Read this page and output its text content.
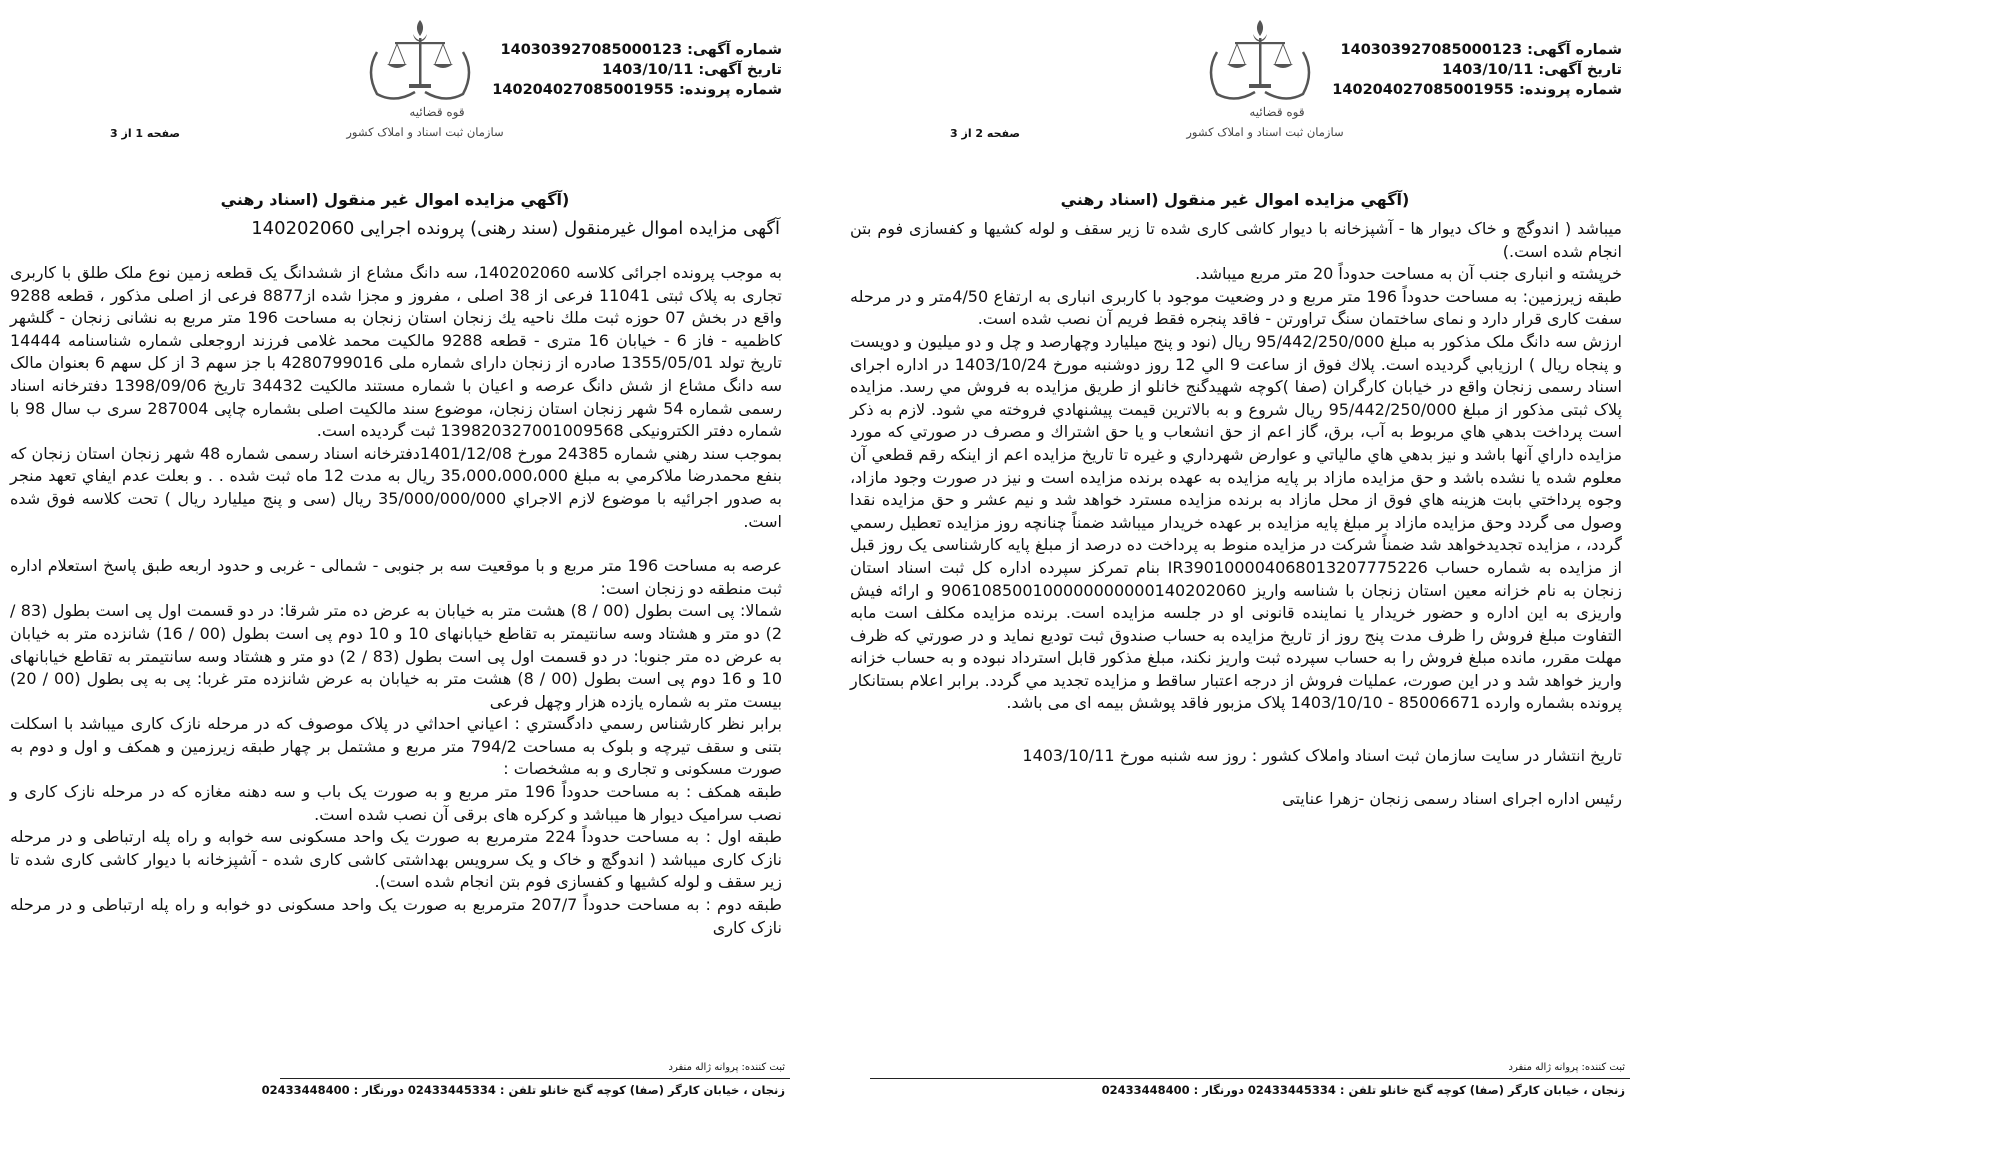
شماره آگهی: 140303927085000123
تاریخ آگهی: 1403/10/11
شماره پرونده: 140204027085001955
صفحه 1 از 3
قوه قضائیه
سازمان ثبت اسناد و املاک کشور
(آگهي مزايده اموال غير منقول (اسناد رهني
آگهی مزایده اموال غیرمنقول (سند رهنی) پرونده اجرایی 140202060

به موجب پرونده اجرائی کلاسه 140202060، سه دانگ مشاع از ششدانگ یک قطعه زمین نوع ملک طلق با کاربری تجاری به پلاک ثبتی 11041 فرعی از 38 اصلی ، مفروز و مجزا شده از8877 فرعی از اصلی مذکور ، قطعه 9288 واقع در بخش 07 حوزه ثبت ملك ناحيه يك زنجان استان زنجان به مساحت 196 متر مربع به نشانی زنجان - گلشهر کاظمیه - فاز 6 - خیابان 16 متری - قطعه 9288 مالکیت محمد غلامی فرزند اروجعلی شماره شناسنامه 14444 تاریخ تولد 1355/05/01 صادره از زنجان دارای شماره ملی 4280799016 با جز سهم 3 از کل سهم 6 بعنوان مالک سه دانگ مشاع از شش دانگ عرصه و اعیان با شماره مستند مالکیت 34432 تاریخ 1398/09/06 دفترخانه اسناد رسمی شماره 54 شهر زنجان استان زنجان، موضوع سند مالکیت اصلی بشماره چاپی 287004 سری ب سال 98 با شماره دفتر الکترونیکی 139820327001009568 ثبت گردیده است.

بموجب سند رهني شماره 24385 مورخ 1401/12/08دفترخانه اسناد رسمی شماره 48 شهر زنجان استان زنجان که بنفع محمدرضا ملاکرمي به مبلغ 35،000،000،000 ریال به مدت 12 ماه ثبت شده . . و بعلت عدم ايفاي تعهد منجر به صدور اجرائيه با موضوع لازم الاجراي 35/000/000/000 ریال (سی و پنج میلیارد ریال ) تحت كلاسه فوق شده است.

عرصه به مساحت 196 متر مربع و با موقعیت سه بر جنوبی - شمالی - غربی و حدود اربعه طبق پاسخ استعلام اداره ثبت منطقه دو زنجان است:

شمالا: پی است بطول (00 / 8) هشت متر به خیابان به عرض ده متر شرقا: در دو قسمت اول پی است بطول (83 / 2) دو متر و هشتاد وسه سانتیمتر به تقاطع خیابانهای 10 و 10 دوم پی است بطول (00 / 16) شانزده متر به خیابان به عرض ده متر جنوبا: در دو قسمت اول پی است بطول (83 / 2) دو متر و هشتاد وسه سانتیمتر به تقاطع خیابانهای 10 و 16 دوم پی است بطول (00 / 8) هشت متر به خیابان به عرض شانزده متر غربا: پی به پی بطول (00 / 20) بیست متر به شماره یازده هزار وچهل فرعی

برابر نظر كارشناس رسمي دادگستري : اعياني احداثي در پلاک موصوف که در مرحله نازک کاری میباشد با اسکلت بتنی و سقف تیرچه و بلوک به مساحت 794/2 متر مربع و مشتمل بر چهار طبقه زیرزمین و همکف و اول و دوم به صورت مسکونی و تجاری و به مشخصات :

طبقه همکف : به مساحت حدوداً 196 متر مربع و به صورت یک باب و سه دهنه مغازه که در مرحله نازک کاری و نصب سرامیک دیوار ها میباشد و کرکره های برقی آن نصب شده است.

طبقه اول : به مساحت حدوداً 224 مترمربع به صورت یک واحد مسکونی سه خوابه و راه پله ارتباطی و در مرحله نازک کاری میباشد ( اندوگچ و خاک و یک سرویس بهداشتی کاشی کاری شده - آشپزخانه با دیوار کاشی کاری شده تا زیر سقف و لوله کشیها و کفسازی فوم بتن انجام شده است).

طبقه دوم : به مساحت حدوداً 207/7 مترمربع به صورت یک واحد مسکونی دو خوابه و راه پله ارتباطی و در مرحله نازک کاری

ثبت كننده: پروانه ژاله منفرد
زنجان ، خیابان کارگر (صفا) کوچه گنج خانلو تلفن : 02433445334 دورنگار : 02433448400
شماره آگهی: 140303927085000123
تاریخ آگهی: 1403/10/11
شماره پرونده: 140204027085001955
صفحه 2 از 3
قوه قضائیه
سازمان ثبت اسناد و املاک کشور
(آگهي مزايده اموال غير منقول (اسناد رهني

میباشد ( اندوگچ و خاک دیوار ها - آشپزخانه با دیوار کاشی کاری شده تا زیر سقف و لوله کشیها و کفسازی فوم بتن انجام شده است.)

خرپشته و انباری جنب آن به مساحت حدوداً 20 متر مربع میباشد.

طبقه زیرزمین: به مساحت حدوداً 196 متر مربع و در وضعیت موجود با کاربری انباری به ارتفاع 4/50متر و در مرحله سفت کاری قرار دارد و نمای ساختمان سنگ تراورتن - فاقد پنجره فقط فریم آن نصب شده است.

ارزش سه دانگ ملک مذکور به مبلغ 95/442/250/000 ريال (نود و پنج ميليارد وچهارصد و چل و دو ميليون و دويست و پنجاه ريال ) ارزيابي گرديده است. پلاك فوق از ساعت 9 الي 12 روز دوشنبه مورخ 1403/10/24 در اداره اجرای اسناد رسمی زنجان واقع در خیابان کارگران (صفا )کوچه شهیدگنج خانلو از طریق مزایده به فروش مي رسد. مزایده پلاک ثبتی مذکور از مبلغ 95/442/250/000 ريال شروع و به بالاترين قيمت پيشنهادي فروخته مي شود. لازم به ذكر است پرداخت بدهي هاي مربوط به آب، برق، گاز اعم از حق انشعاب و يا حق اشتراك و مصرف در صورتي كه مورد مزايده داراي آنها باشد و نيز بدهي هاي مالياتي و عوارض شهرداري و غيره تا تاريخ مزايده اعم از اينكه رقم قطعي آن معلوم شده يا نشده باشد و حق مزايده مازاد بر پايه مزايده به عهده برنده مزايده است و نيز در صورت وجود مازاد، وجوه پرداختي بابت هزينه هاي فوق از محل مازاد به برنده مزايده مسترد خواهد شد و نیم عشر و حق مزایده نقدا وصول می گردد وحق مزایده مازاد بر مبلغ پایه مزایده بر عهده خریدار میباشد ضمناً چنانچه روز مزايده تعطيل رسمي گردد، ، مزايده تجديدخواهد شد ضمناً شرکت در مزایده منوط به پرداخت ده درصد از مبلغ پایه کارشناسی یک روز قبل از مزایده به شماره حساب IR390100004068013207775226 بنام تمرکز سپرده اداره کل ثبت اسناد استان زنجان به نام خزانه معین استان زنجان با شناسه واریز 906108500100000000000140202060 و ارائه فیش واریزی به این اداره و حضور خریدار یا نماینده قانونی او در جلسه مزایده است. برنده مزايده مكلف است مابه التفاوت مبلغ فروش را ظرف مدت پنج روز از تاريخ مزايده به حساب صندوق ثبت توديع نمايد و در صورتي كه ظرف مهلت مقرر، مانده مبلغ فروش را به حساب سپرده ثبت واريز نكند، مبلغ مذكور قابل استرداد نبوده و به حساب خزانه واريز خواهد شد و در اين صورت، عمليات فروش از درجه اعتبار ساقط و مزايده تجديد مي گردد. برابر اعلام بستانکار پرونده بشماره وارده 85006671 - 1403/10/10 پلاک مزبور فاقد پوشش بیمه ای می باشد.

تاريخ انتشار در سايت سازمان ثبت اسناد واملاک کشور : روز سه شنبه مورخ 1403/10/11

رئیس اداره اجرای اسناد رسمی زنجان -زهرا عنایتی

ثبت كننده: پروانه ژاله منفرد
زنجان ، خیابان کارگر (صفا) کوچه گنج خانلو تلفن : 02433445334 دورنگار : 02433448400
